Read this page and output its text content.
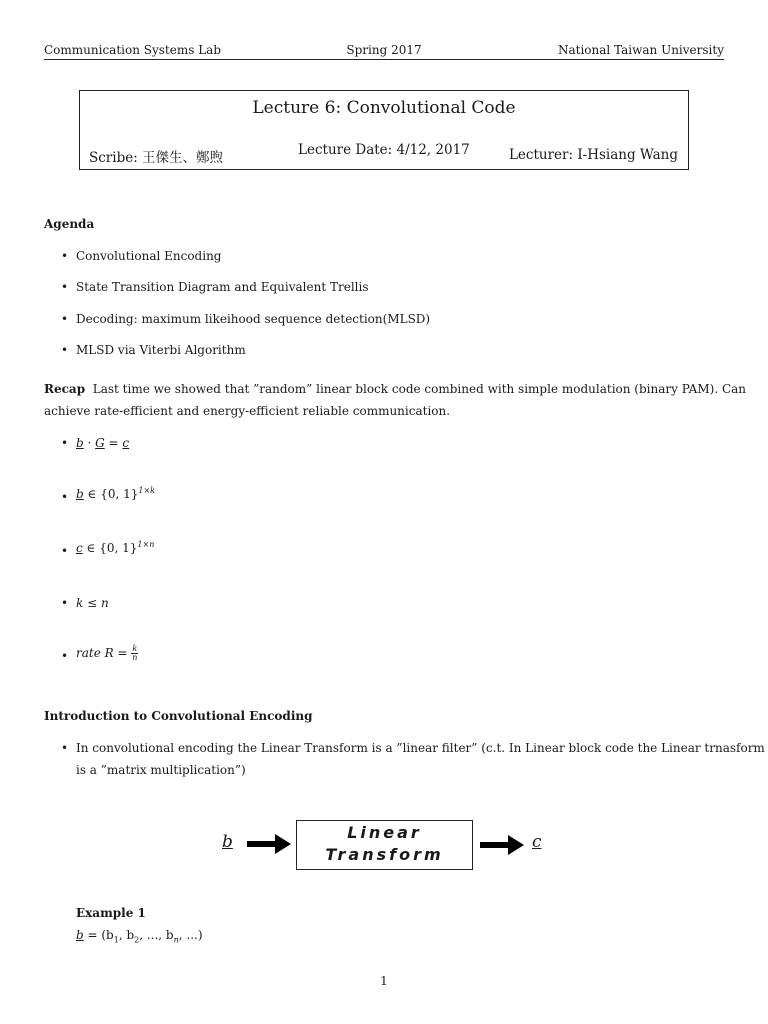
Communication Systems Lab	Spring 2017	National Taiwan University
Lecture 6: Convolutional Code
Scribe: 王傑生、鄭煦	Lecture Date: 4/12, 2017	Lecturer: I-Hsiang Wang
Agenda
• Convolutional Encoding
• State Transition Diagram and Equivalent Trellis
• Decoding: maximum likeihood sequence detection(MLSD)
• MLSD via Viterbi Algorithm
Recap Last time we showed that ”random” linear block code combined with simple modulation (binary PAM). Can
achieve rate-efficient and energy-efficient reliable communication.
• b · G = c
• b ∈ {0, 1}$^{1\times k}$
• c ∈ {0, 1}$^{1\times n}$
• k ≤ n
• rate $R = \frac{k}{n}$
Introduction to Convolutional Encoding
• In convolutional encoding the Linear Transform is a ”linear filter” (c.t. In Linear block code the Linear trnasform
is a ”matrix multiplication”)
b	Linear
Transform
c
Example 1
$b = (b_1$, $b_2$, ..., $b_n$, ...)
1
